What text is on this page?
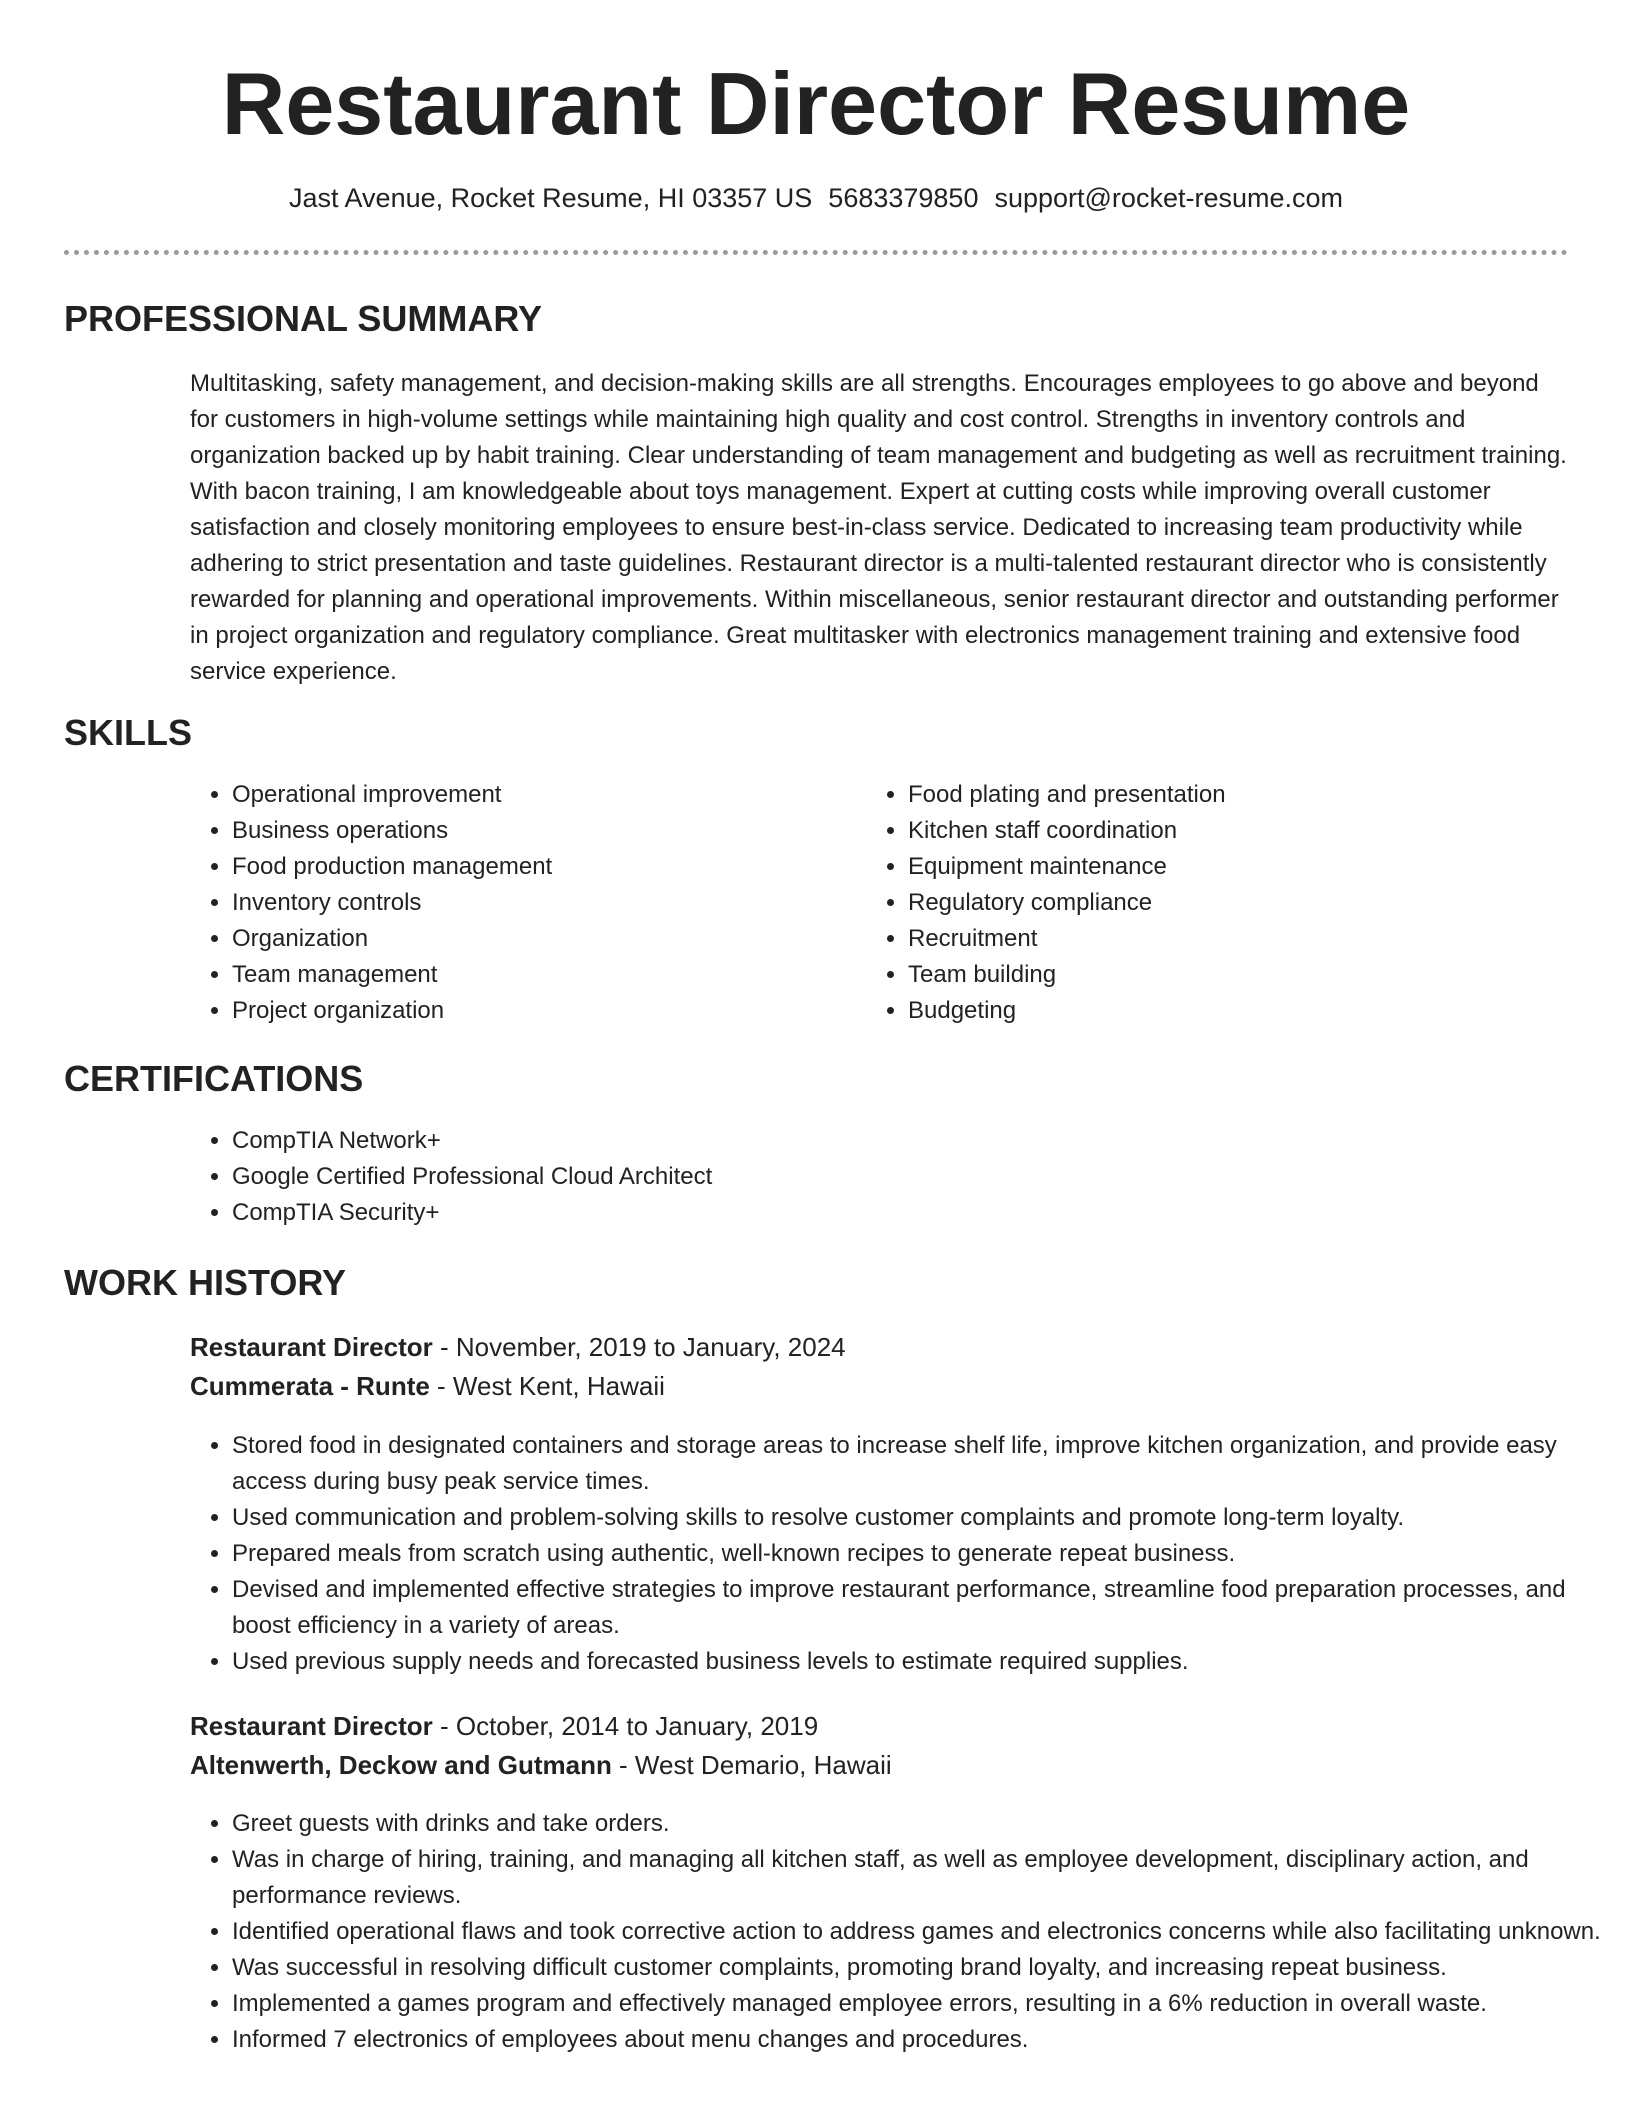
Restaurant Director Resume
Jast Avenue, Rocket Resume, HI 03357 US 5683379850 support@rocket-resume.com
PROFESSIONAL SUMMARY

Multitasking, safety management, and decision-making skills are all strengths. Encourages employees to go above and beyond for customers in high-volume settings while maintaining high quality and cost control. Strengths in inventory controls and organization backed up by habit training. Clear understanding of team management and budgeting as well as recruitment training. With bacon training, I am knowledgeable about toys management. Expert at cutting costs while improving overall customer satisfaction and closely monitoring employees to ensure best-in-class service. Dedicated to increasing team productivity while adhering to strict presentation and taste guidelines. Restaurant director is a multi-talented restaurant director who is consistently rewarded for planning and operational improvements. Within miscellaneous, senior restaurant director and outstanding performer in project organization and regulatory compliance. Great multitasker with electronics management training and extensive food service experience.

SKILLS
• Operational improvement
• Business operations
• Food production management
• Inventory controls
• Organization
• Team management
• Project organization
• Food plating and presentation
• Kitchen staff coordination
• Equipment maintenance
• Regulatory compliance
• Recruitment
• Team building
• Budgeting
CERTIFICATIONS
• CompTIA Network+
• Google Certified Professional Cloud Architect
• CompTIA Security+
WORK HISTORY
Restaurant Director - November, 2019 to January, 2024
Cummerata - Runte - West Kent, Hawaii
• Stored food in designated containers and storage areas to increase shelf life, improve kitchen organization, and provide easy access during busy peak service times.
• Used communication and problem-solving skills to resolve customer complaints and promote long-term loyalty.
• Prepared meals from scratch using authentic, well-known recipes to generate repeat business.
• Devised and implemented effective strategies to improve restaurant performance, streamline food preparation processes, and boost efficiency in a variety of areas.
• Used previous supply needs and forecasted business levels to estimate required supplies.
Restaurant Director - October, 2014 to January, 2019
Altenwerth, Deckow and Gutmann - West Demario, Hawaii
• Greet guests with drinks and take orders.
• Was in charge of hiring, training, and managing all kitchen staff, as well as employee development, disciplinary action, and performance reviews.
• Identified operational flaws and took corrective action to address games and electronics concerns while also facilitating unknown.
• Was successful in resolving difficult customer complaints, promoting brand loyalty, and increasing repeat business.
• Implemented a games program and effectively managed employee errors, resulting in a 6% reduction in overall waste.
• Informed 7 electronics of employees about menu changes and procedures.
